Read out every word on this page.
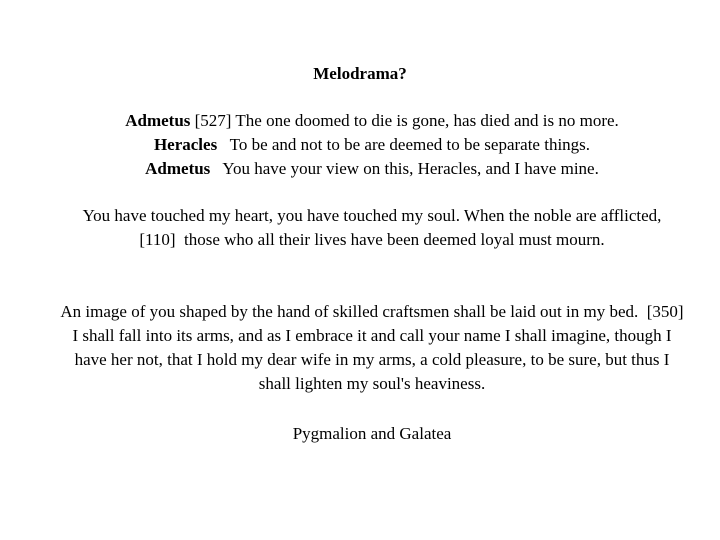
Melodrama?
Admetus [527] The one doomed to die is gone, has died and is no more.
Heracles   To be and not to be are deemed to be separate things.
Admetus   You have your view on this, Heracles, and I have mine.
You have touched my heart, you have touched my soul. When the noble are afflicted,  [110]  those who all their lives have been deemed loyal must mourn.
An image of you shaped by the hand of skilled craftsmen shall be laid out in my bed.  [350] I shall fall into its arms, and as I embrace it and call your name I shall imagine, though I have her not, that I hold my dear wife in my arms, a cold pleasure, to be sure, but thus I shall lighten my soul's heaviness.
Pygmalion and Galatea
